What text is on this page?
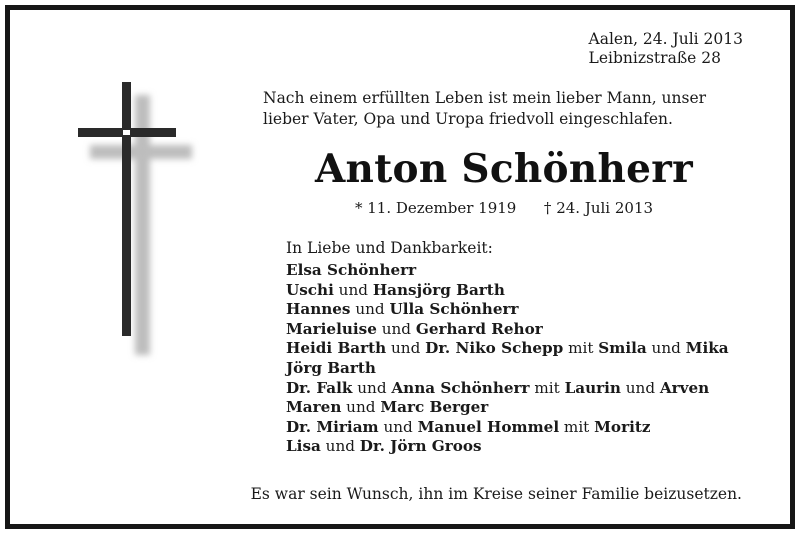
Aalen, 24. Juli 2013
Leibnizstraße 28
Nach einem erfüllten Leben ist mein lieber Mann, unser lieber Vater, Opa und Uropa friedvoll eingeschlafen.
Anton Schönherr
* 11. Dezember 1919 † 24. Juli 2013
In Liebe und Dankbarkeit:
Elsa Schönherr
Uschi und Hansjörg Barth
Hannes und Ulla Schönherr
Marieluise und Gerhard Rehor
Heidi Barth und Dr. Niko Schepp mit Smila und Mika
Jörg Barth
Dr. Falk und Anna Schönherr mit Laurin und Arven
Maren und Marc Berger
Dr. Miriam und Manuel Hommel mit Moritz
Lisa und Dr. Jörn Groos
Es war sein Wunsch, ihn im Kreise seiner Familie beizusetzen.
